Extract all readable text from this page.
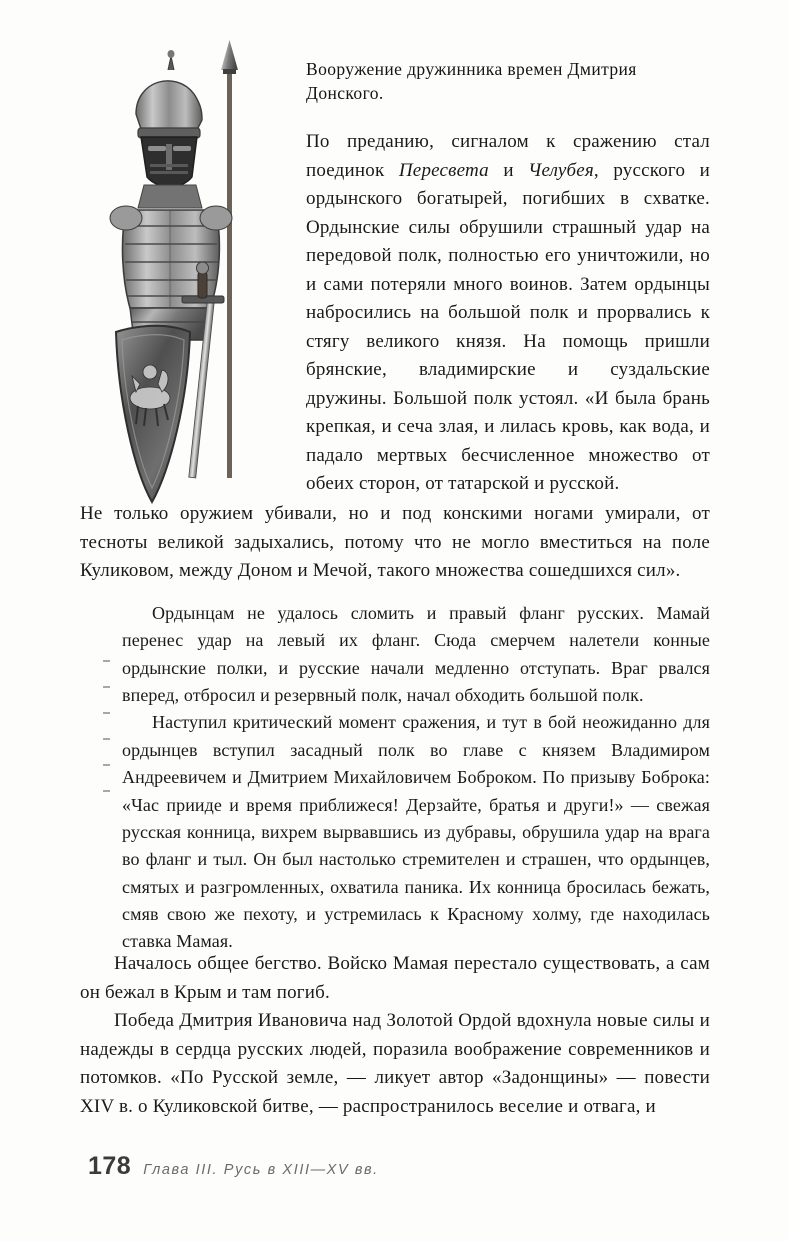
Вооружение дружинника времен Дмитрия Донского.
По преданию, сигналом к сражению стал поединок Пересвета и Челубея, русского и ордынского богатырей, погибших в схватке. Ордынские силы обрушили страшный удар на передовой полк, полностью его уничтожили, но и сами потеряли много воинов. Затем ордынцы набросились на большой полк и прорвались к стягу великого князя. На помощь пришли брянские, владимирские и суздальские дружины. Большой полк устоял. «И была брань крепкая, и сеча злая, и лилась кровь, как вода, и падало мертвых бесчисленное множество от обеих сторон, от татарской и русской.
Не только оружием убивали, но и под конскими ногами умирали, от тесноты великой задыхались, потому что не могло вместиться на поле Куликовом, между Доном и Мечой, такого множества сошедшихся сил».

Ордынцам не удалось сломить и правый фланг русских. Мамай перенес удар на левый их фланг. Сюда смерчем налетели конные ордынские полки, и русские начали медленно отступать. Враг рвался вперед, отбросил и резервный полк, начал обходить большой полк.

Наступил критический момент сражения, и тут в бой неожиданно для ордынцев вступил засадный полк во главе с князем Владимиром Андреевичем и Дмитрием Михайловичем Боброком. По призыву Боброка: «Час прииде и время приближеся! Дерзайте, братья и други!» — свежая русская конница, вихрем вырвавшись из дубравы, обрушила удар на врага во фланг и тыл. Он был настолько стремителен и страшен, что ордынцев, смятых и разгромленных, охватила паника. Их конница бросилась бежать, смяв свою же пехоту, и устремилась к Красному холму, где находилась ставка Мамая.

Началось общее бегство. Войско Мамая перестало существовать, а сам он бежал в Крым и там погиб.

Победа Дмитрия Ивановича над Золотой Ордой вдохнула новые силы и надежды в сердца русских людей, поразила воображение современников и потомков. «По Русской земле, — ликует автор «Задонщины» — повести XIV в. о Куликовской битве, — распространилось веселие и отвага, и

178 Глава III. Русь в XIII—XV вв.
